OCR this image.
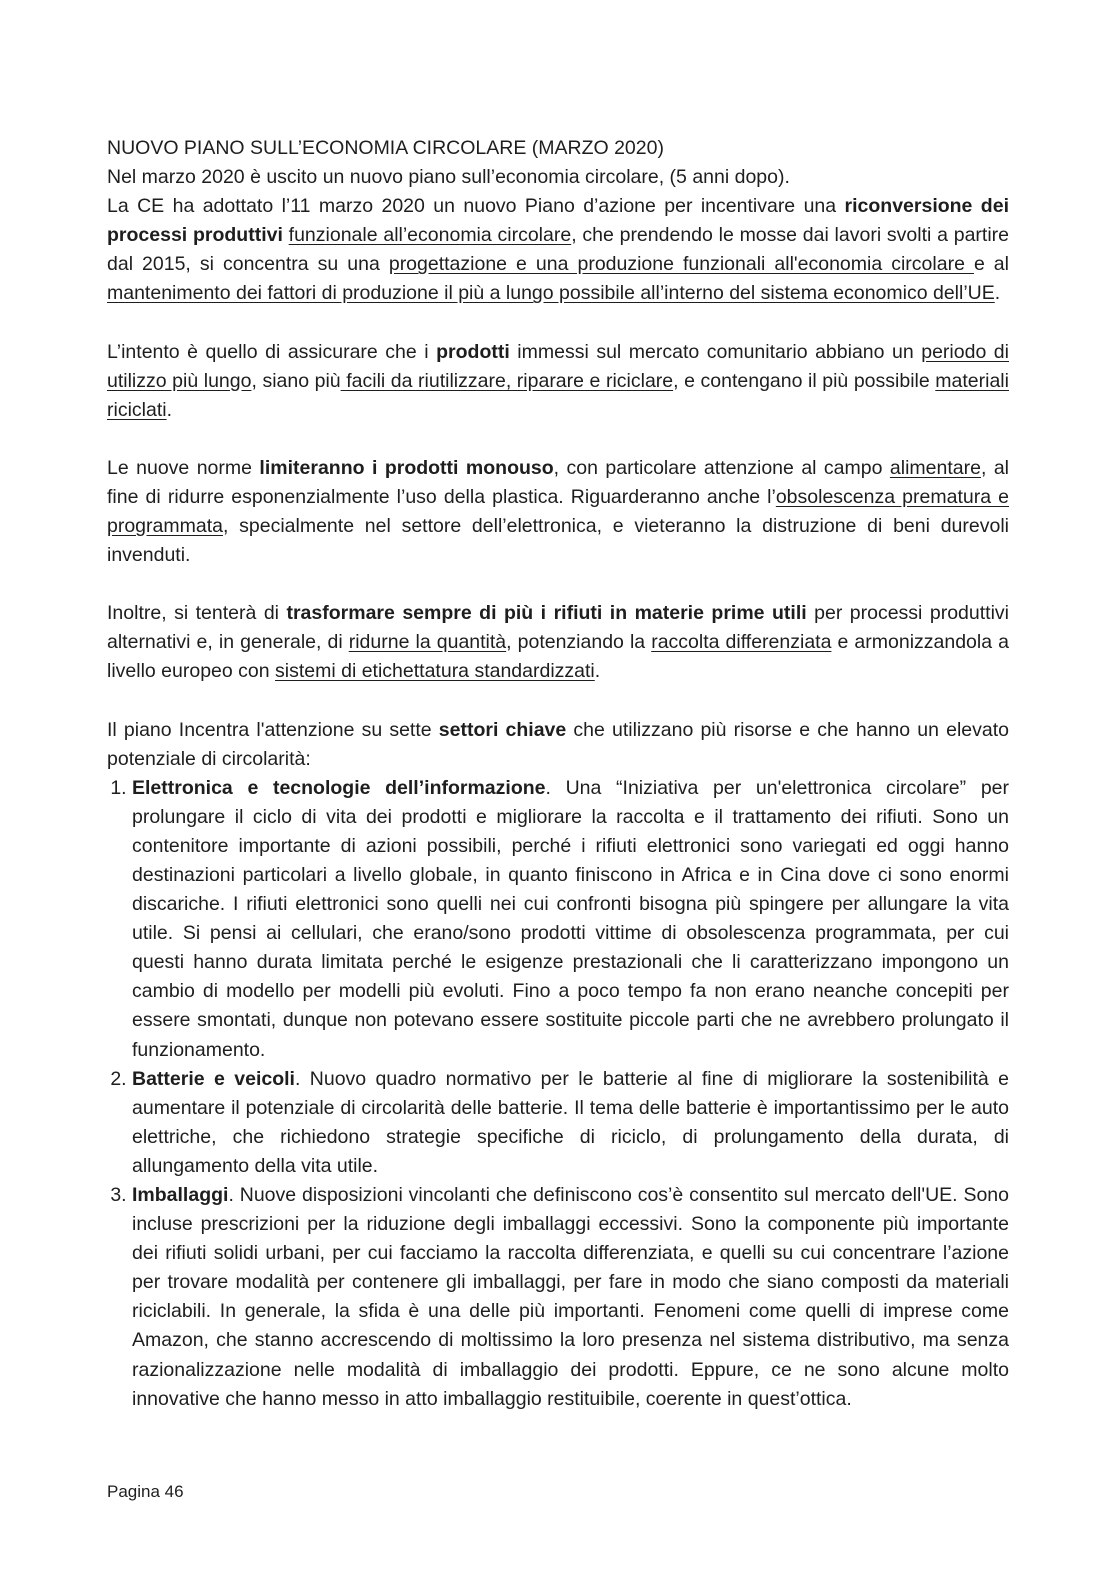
NUOVO PIANO SULL’ECONOMIA CIRCOLARE (MARZO 2020)

Nel marzo 2020 è uscito un nuovo piano sull’economia circolare, (5 anni dopo).

La CE ha adottato l’11 marzo 2020 un nuovo Piano d’azione per incentivare una riconversione dei processi produttivi funzionale all’economia circolare, che prendendo le mosse dai lavori svolti a partire dal 2015, si concentra su una progettazione e una produzione funzionali all'economia circolare e al mantenimento dei fattori di produzione il più a lungo possibile all’interno del sistema economico dell’UE.

L’intento è quello di assicurare che i prodotti immessi sul mercato comunitario abbiano un periodo di utilizzo più lungo, siano più facili da riutilizzare, riparare e riciclare, e contengano il più possibile materiali riciclati.

Le nuove norme limiteranno i prodotti monouso, con particolare attenzione al campo alimentare, al fine di ridurre esponenzialmente l’uso della plastica. Riguarderanno anche l’obsolescenza prematura e programmata, specialmente nel settore dell’elettronica, e vieteranno la distruzione di beni durevoli invenduti.

Inoltre, si tenterà di trasformare sempre di più i rifiuti in materie prime utili per processi produttivi alternativi e, in generale, di ridurne la quantità, potenziando la raccolta differenziata e armonizzandola a livello europeo con sistemi di etichettatura standardizzati.

Il piano Incentra l'attenzione su sette settori chiave che utilizzano più risorse e che hanno un elevato potenziale di circolarità:

1. Elettronica e tecnologie dell’informazione. Una “Iniziativa per un'elettronica circolare” per prolungare il ciclo di vita dei prodotti e migliorare la raccolta e il trattamento dei rifiuti. Sono un contenitore importante di azioni possibili, perché i rifiuti elettronici sono variegati ed oggi hanno destinazioni particolari a livello globale, in quanto finiscono in Africa e in Cina dove ci sono enormi discariche. I rifiuti elettronici sono quelli nei cui confronti bisogna più spingere per allungare la vita utile. Si pensi ai cellulari, che erano/sono prodotti vittime di obsolescenza programmata, per cui questi hanno durata limitata perché le esigenze prestazionali che li caratterizzano impongono un cambio di modello per modelli più evoluti. Fino a poco tempo fa non erano neanche concepiti per essere smontati, dunque non potevano essere sostituite piccole parti che ne avrebbero prolungato il funzionamento.
2. Batterie e veicoli. Nuovo quadro normativo per le batterie al fine di migliorare la sostenibilità e aumentare il potenziale di circolarità delle batterie. Il tema delle batterie è importantissimo per le auto elettriche, che richiedono strategie specifiche di riciclo, di prolungamento della durata, di allungamento della vita utile.
3. Imballaggi. Nuove disposizioni vincolanti che definiscono cos’è consentito sul mercato dell'UE. Sono incluse prescrizioni per la riduzione degli imballaggi eccessivi. Sono la componente più importante dei rifiuti solidi urbani, per cui facciamo la raccolta differenziata, e quelli su cui concentrare l’azione per trovare modalità per contenere gli imballaggi, per fare in modo che siano composti da materiali riciclabili. In generale, la sfida è una delle più importanti. Fenomeni come quelli di imprese come Amazon, che stanno accrescendo di moltissimo la loro presenza nel sistema distributivo, ma senza razionalizzazione nelle modalità di imballaggio dei prodotti. Eppure, ce ne sono alcune molto innovative che hanno messo in atto imballaggio restituibile, coerente in quest’ottica.
Pagina 46
